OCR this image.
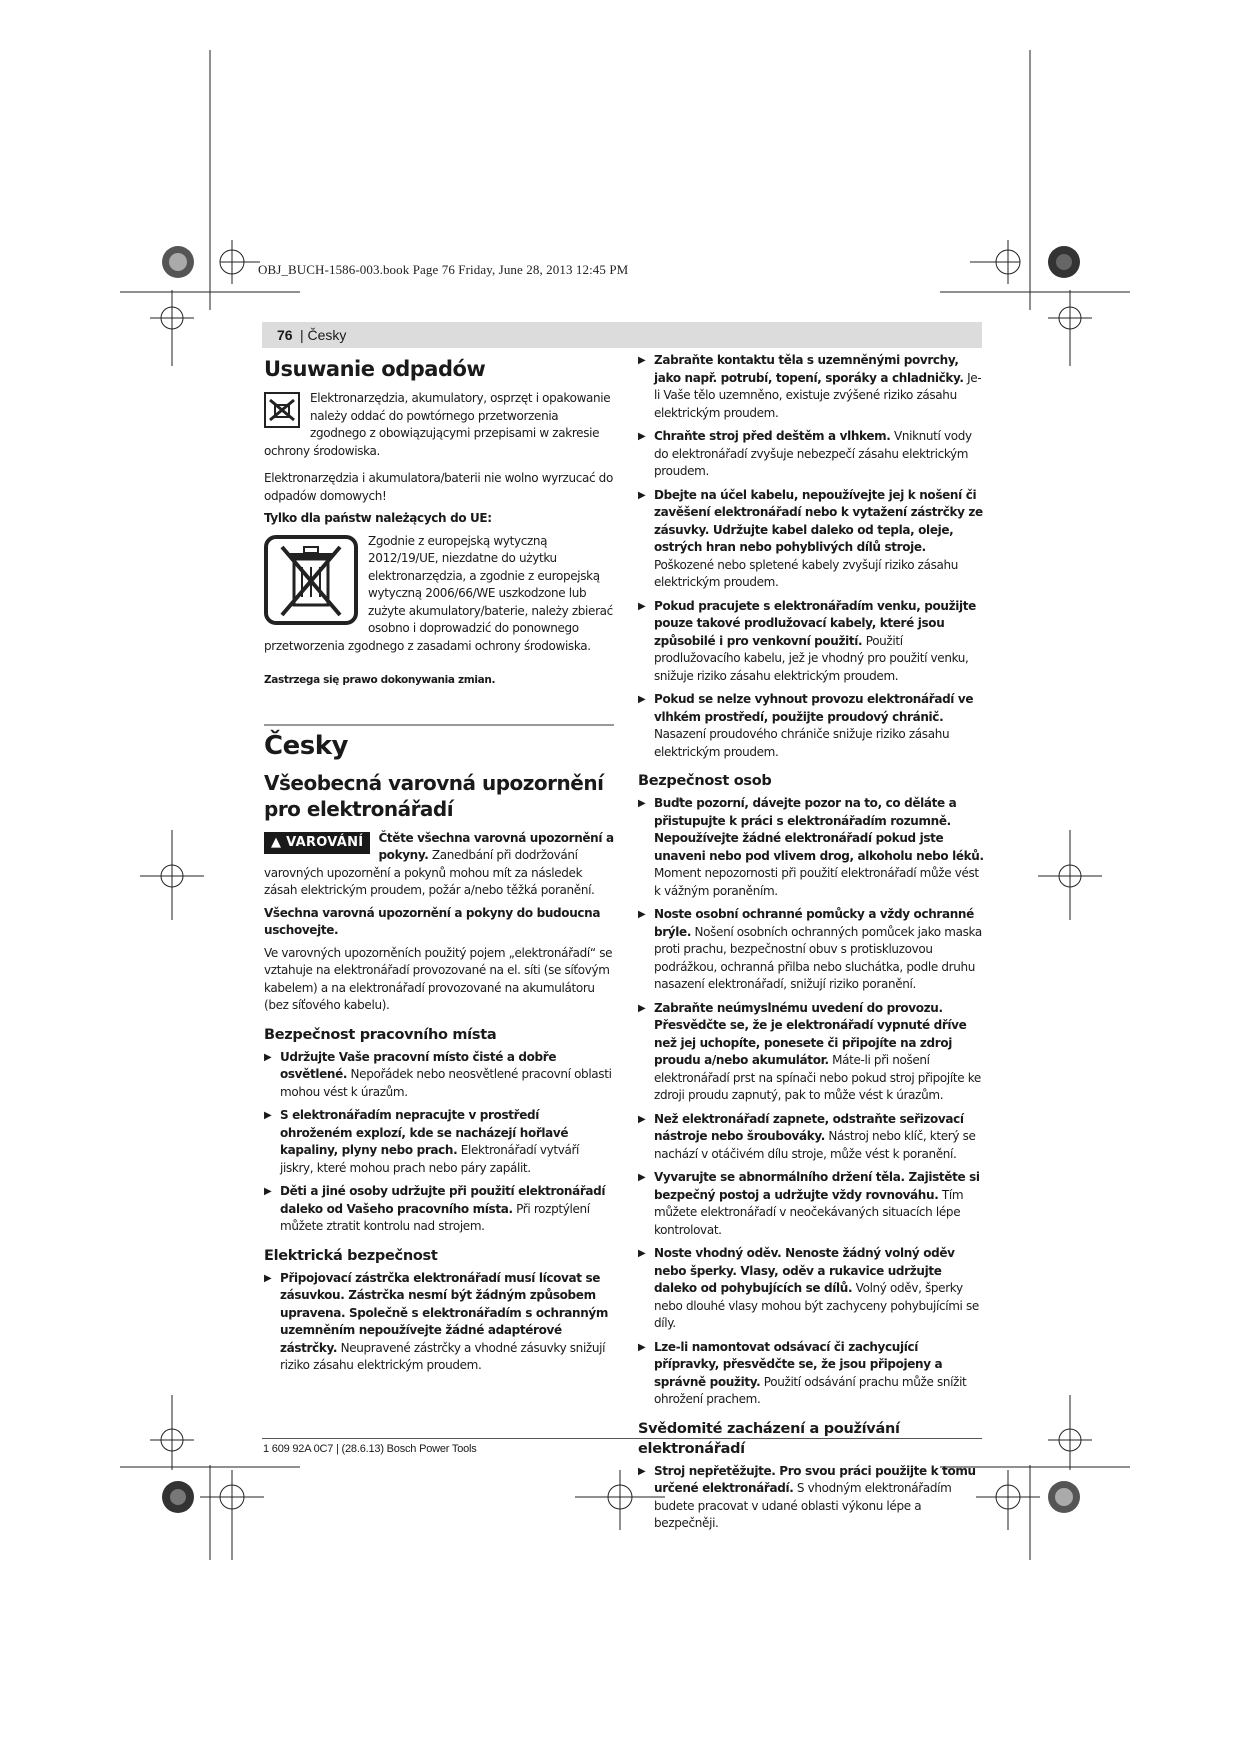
OBJ_BUCH-1586-003.book Page 76 Friday, June 28, 2013 12:45 PM
76 | Česky
Usuwanie odpadów
Elektronarzędzia, akumulatory, osprzęt i opakowanie należy oddać do powtórnego przetworzenia zgodnego z obowiązującymi przepisami w zakresie ochrony środowiska.
Elektronarzędzia i akumulatora/baterii nie wolno wyrzucać do odpadów domowych!
Tylko dla państw należących do UE:
Zgodnie z europejską wytyczną 2012/19/UE, niezdatne do użytku elektronarzędzia, a zgodnie z europejską wytyczną 2006/66/WE uszkodzone lub zużyte akumulatory/baterie, należy zbierać osobno i doprowadzić do ponownego przetworzenia zgodnego z zasadami ochrony środowiska.
Zastrzega się prawo dokonywania zmian.
Česky
Všeobecná varovná upozornění pro elektronářadí
▲ VAROVÁNÍ	Čtěte všechna varovná upozornění a pokyny. Zanedbání při dodržování varovných upozornění a pokynů mohou mít za následek zásah elektrickým proudem, požár a/nebo těžká poranění.
Všechna varovná upozornění a pokyny do budoucna uschovejte.
Ve varovných upozorněních použitý pojem „elektronářadí“ se vztahuje na elektronářadí provozované na el. síti (se síťovým kabelem) a na elektronářadí provozované na akumulátoru (bez síťového kabelu).
Bezpečnost pracovního místa
▶ Udržujte Vaše pracovní místo čisté a dobře osvětlené. Nepořádek nebo neosvětlené pracovní oblasti mohou vést k úrazům.
▶ S elektronářadím nepracujte v prostředí ohroženém explozí, kde se nacházejí hořlavé kapaliny, plyny nebo prach. Elektronářadí vytváří jiskry, které mohou prach nebo páry zapálit.
▶ Děti a jiné osoby udržujte při použití elektronářadí daleko od Vašeho pracovního místa. Při rozptýlení můžete ztratit kontrolu nad strojem.
Elektrická bezpečnost
▶ Připojovací zástrčka elektronářadí musí lícovat se zásuvkou. Zástrčka nesmí být žádným způsobem upravena. Společně s elektronářadím s ochranným uzemněním nepoužívejte žádné adaptérové zástrčky. Neupravené zástrčky a vhodné zásuvky snižují riziko zásahu elektrickým proudem.
▶ Zabraňte kontaktu těla s uzemněnými povrchy, jako např. potrubí, topení, sporáky a chladničky. Je-li Vaše tělo uzemněno, existuje zvýšené riziko zásahu elektrickým proudem.
▶ Chraňte stroj před deštěm a vlhkem. Vniknutí vody do elektronářadí zvyšuje nebezpečí zásahu elektrickým proudem.
▶ Dbejte na účel kabelu, nepoužívejte jej k nošení či zavěšení elektronářadí nebo k vytažení zástrčky ze zásuvky. Udržujte kabel daleko od tepla, oleje, ostrých hran nebo pohyblivých dílů stroje. Poškozené nebo spletené kabely zvyšují riziko zásahu elektrickým proudem.
▶ Pokud pracujete s elektronářadím venku, použijte pouze takové prodlužovací kabely, které jsou způsobilé i pro venkovní použití. Použití prodlužovacího kabelu, jež je vhodný pro použití venku, snižuje riziko zásahu elektrickým proudem.
▶ Pokud se nelze vyhnout provozu elektronářadí ve vlhkém prostředí, použijte proudový chránič. Nasazení proudového chrániče snižuje riziko zásahu elektrickým proudem.
Bezpečnost osob
▶ Buďte pozorní, dávejte pozor na to, co děláte a přistupujte k práci s elektronářadím rozumně. Nepoužívejte žádné elektronářadí pokud jste unaveni nebo pod vlivem drog, alkoholu nebo léků. Moment nepozornosti při použití elektronářadí může vést k vážným poraněním.
▶ Noste osobní ochranné pomůcky a vždy ochranné brýle. Nošení osobních ochranných pomůcek jako maska proti prachu, bezpečnostní obuv s protiskluzovou podrážkou, ochranná přilba nebo sluchátka, podle druhu nasazení elektronářadí, snižují riziko poranění.
▶ Zabraňte neúmyslnému uvedení do provozu. Přesvědčte se, že je elektronářadí vypnuté dříve než jej uchopíte, ponesete či připojíte na zdroj proudu a/nebo akumulátor. Máte-li při nošení elektronářadí prst na spínači nebo pokud stroj připojíte ke zdroji proudu zapnutý, pak to může vést k úrazům.
▶ Než elektronářadí zapnete, odstraňte seřizovací nástroje nebo šroubováky. Nástroj nebo klíč, který se nachází v otáčivém dílu stroje, může vést k poranění.
▶ Vyvarujte se abnormálního držení těla. Zajistěte si bezpečný postoj a udržujte vždy rovnováhu. Tím můžete elektronářadí v neočekávaných situacích lépe kontrolovat.
▶ Noste vhodný oděv. Nenoste žádný volný oděv nebo šperky. Vlasy, oděv a rukavice udržujte daleko od pohybujících se dílů. Volný oděv, šperky nebo dlouhé vlasy mohou být zachyceny pohybujícími se díly.
▶ Lze-li namontovat odsávací či zachycující přípravky, přesvědčte se, že jsou připojeny a správně použity. Použití odsávání prachu může snížit ohrožení prachem.
Svědomité zacházení a používání elektronářadí
▶ Stroj nepřetěžujte. Pro svou práci použijte k tomu určené elektronářadí. S vhodným elektronářadím budete pracovat v udané oblasti výkonu lépe a bezpečněji.
1 609 92A 0C7 | (28.6.13) Bosch Power Tools
